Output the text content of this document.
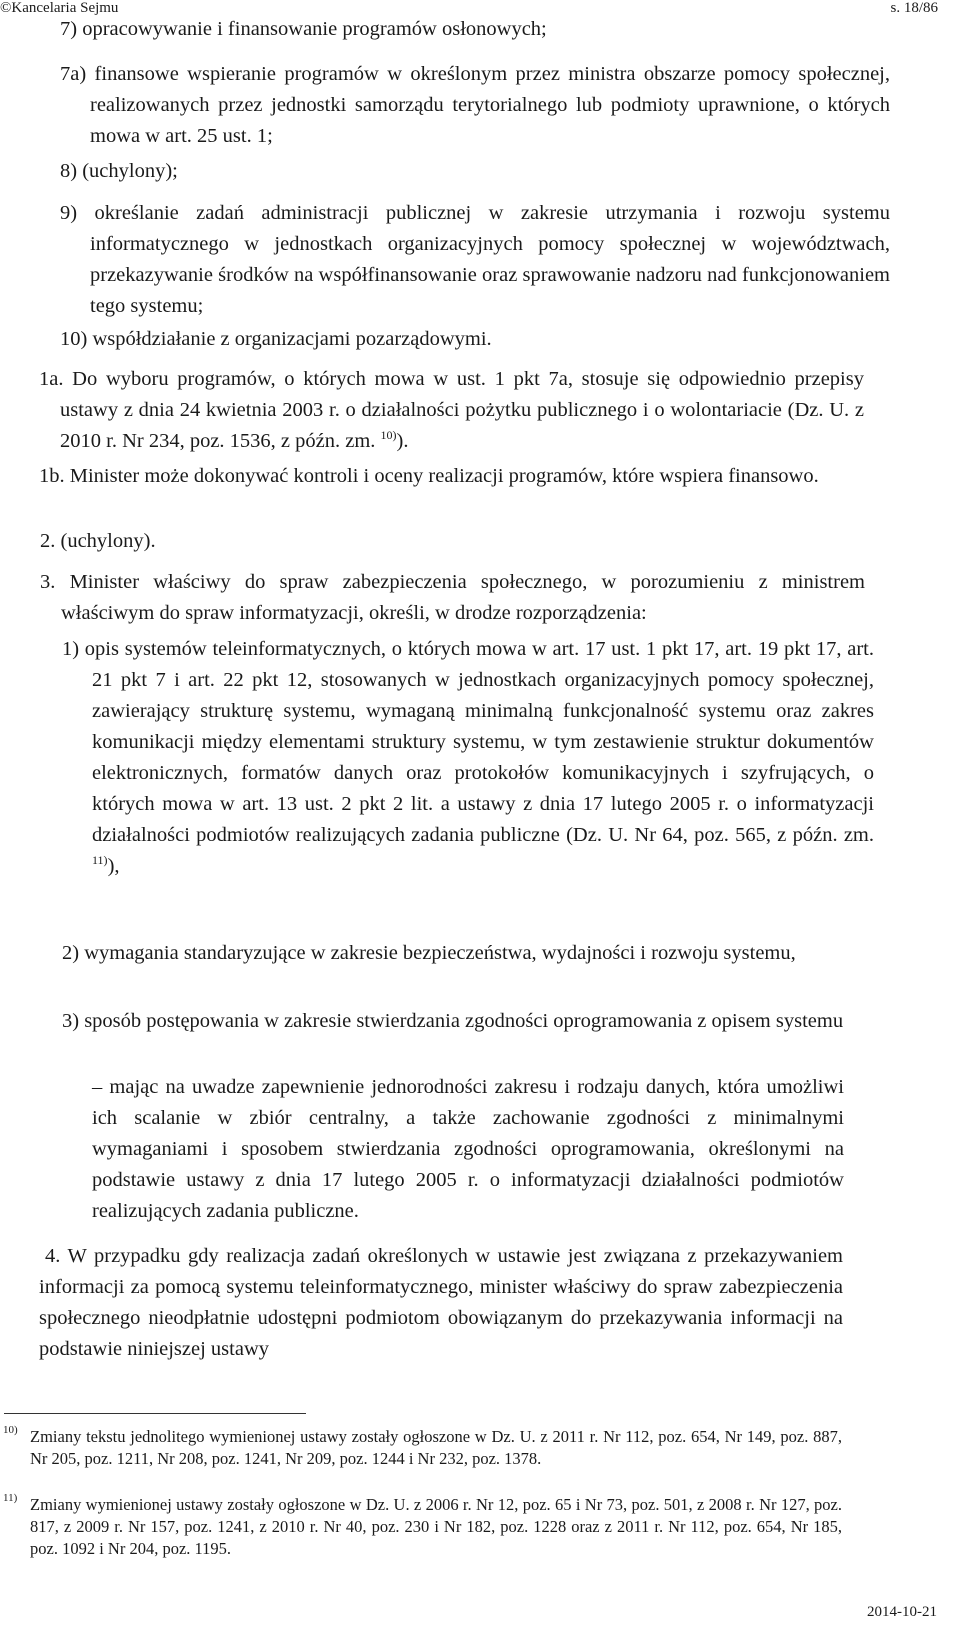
©Kancelaria Sejmu	s. 18/86
7) opracowywanie i finansowanie programów osłonowych;
7a) finansowe wspieranie programów w określonym przez ministra obszarze pomocy społecznej, realizowanych przez jednostki samorządu terytorialnego lub podmioty uprawnione, o których mowa w art. 25 ust. 1;
8) (uchylony);
9) określanie zadań administracji publicznej w zakresie utrzymania i rozwoju systemu informatycznego w jednostkach organizacyjnych pomocy społecznej w województwach, przekazywanie środków na współfinansowanie oraz sprawowanie nadzoru nad funkcjonowaniem tego systemu;
10) współdziałanie z organizacjami pozarządowymi.
1a. Do wyboru programów, o których mowa w ust. 1 pkt 7a, stosuje się odpowiednio przepisy ustawy z dnia 24 kwietnia 2003 r. o działalności pożytku publicznego i o wolontariacie (Dz. U. z 2010 r. Nr 234, poz. 1536, z późn. zm. $^{10)}$).
1b. Minister może dokonywać kontroli i oceny realizacji programów, które wspiera finansowo.
2. (uchylony).
3. Minister właściwy do spraw zabezpieczenia społecznego, w porozumieniu z ministrem właściwym do spraw informatyzacji, określi, w drodze rozporządzenia:
1) opis systemów teleinformatycznych, o których mowa w art. 17 ust. 1 pkt 17, art. 19 pkt 17, art. 21 pkt 7 i art. 22 pkt 12, stosowanych w jednostkach organizacyjnych pomocy społecznej, zawierający strukturę systemu, wymaganą minimalną funkcjonalność systemu oraz zakres komunikacji między elementami struktury systemu, w tym zestawienie struktur dokumentów elektronicznych, formatów danych oraz protokołów komunikacyjnych i szyfrujących, o których mowa w art. 13 ust. 2 pkt 2 lit. a ustawy z dnia 17 lutego 2005 r. o informatyzacji działalności podmiotów realizujących zadania publiczne (Dz. U. Nr 64, poz. 565, z późn. zm. $^{11)}$),
2) wymagania standaryzujące w zakresie bezpieczeństwa, wydajności i rozwoju systemu,
3) sposób postępowania w zakresie stwierdzania zgodności oprogramowania z opisem systemu
– mając na uwadze zapewnienie jednorodności zakresu i rodzaju danych, która umożliwi ich scalanie w zbiór centralny, a także zachowanie zgodności z minimalnymi wymaganiami i sposobem stwierdzania zgodności oprogramowania, określonymi na podstawie ustawy z dnia 17 lutego 2005 r. o informatyzacji działalności podmiotów realizujących zadania publiczne.
4. W przypadku gdy realizacja zadań określonych w ustawie jest związana z przekazywaniem informacji za pomocą systemu teleinformatycznego, minister właściwy do spraw zabezpieczenia społecznego nieodpłatnie udostępni podmiotom obowiązanym do przekazywania informacji na podstawie niniejszej ustawy
10) Zmiany tekstu jednolitego wymienionej ustawy zostały ogłoszone w Dz. U. z 2011 r. Nr 112, poz. 654, Nr 149, poz. 887, Nr 205, poz. 1211, Nr 208, poz. 1241, Nr 209, poz. 1244 i Nr 232, poz. 1378.
11) Zmiany wymienionej ustawy zostały ogłoszone w Dz. U. z 2006 r. Nr 12, poz. 65 i Nr 73, poz. 501, z 2008 r. Nr 127, poz. 817, z 2009 r. Nr 157, poz. 1241, z 2010 r. Nr 40, poz. 230 i Nr 182, poz. 1228 oraz z 2011 r. Nr 112, poz. 654, Nr 185, poz. 1092 i Nr 204, poz. 1195.
2014-10-21
